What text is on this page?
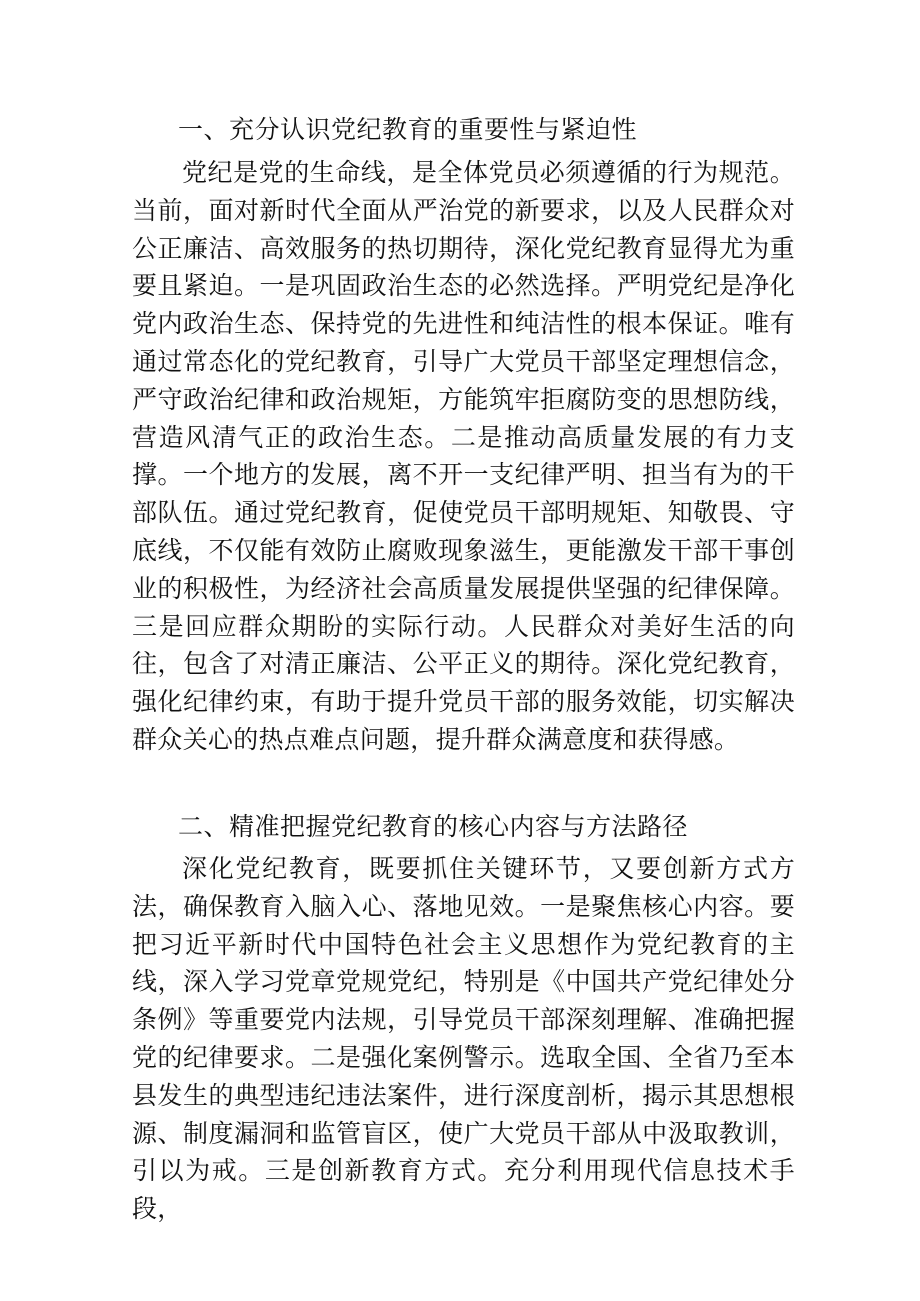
一、充分认识党纪教育的重要性与紧迫性

党纪是党的生命线，是全体党员必须遵循的行为规范。当前，面对新时代全面从严治党的新要求，以及人民群众对公正廉洁、高效服务的热切期待，深化党纪教育显得尤为重要且紧迫。一是巩固政治生态的必然选择。严明党纪是净化党内政治生态、保持党的先进性和纯洁性的根本保证。唯有通过常态化的党纪教育，引导广大党员干部坚定理想信念，严守政治纪律和政治规矩，方能筑牢拒腐防变的思想防线，营造风清气正的政治生态。二是推动高质量发展的有力支撑。一个地方的发展，离不开一支纪律严明、担当有为的干部队伍。通过党纪教育，促使党员干部明规矩、知敬畏、守底线，不仅能有效防止腐败现象滋生，更能激发干部干事创业的积极性，为经济社会高质量发展提供坚强的纪律保障。三是回应群众期盼的实际行动。人民群众对美好生活的向往，包含了对清正廉洁、公平正义的期待。深化党纪教育，强化纪律约束，有助于提升党员干部的服务效能，切实解决群众关心的热点难点问题，提升群众满意度和获得感。

二、精准把握党纪教育的核心内容与方法路径

深化党纪教育，既要抓住关键环节，又要创新方式方法，确保教育入脑入心、落地见效。一是聚焦核心内容。要把习近平新时代中国特色社会主义思想作为党纪教育的主线，深入学习党章党规党纪，特别是《中国共产党纪律处分条例》等重要党内法规，引导党员干部深刻理解、准确把握党的纪律要求。二是强化案例警示。选取全国、全省乃至本县发生的典型违纪违法案件，进行深度剖析，揭示其思想根源、制度漏洞和监管盲区，使广大党员干部从中汲取教训，引以为戒。三是创新教育方式。充分利用现代信息技术手段，
